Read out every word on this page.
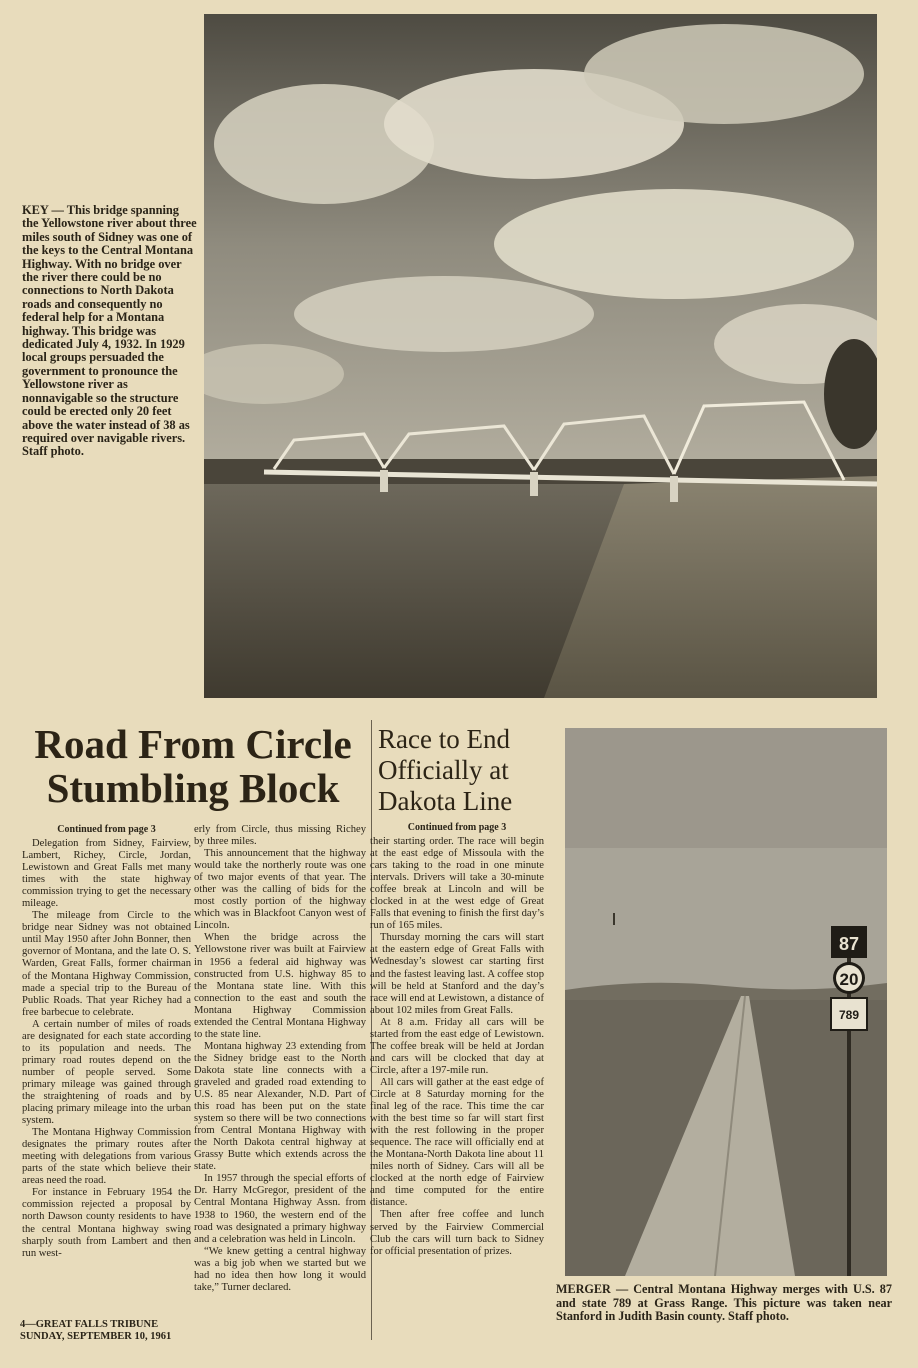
KEY — This bridge spanning the Yellowstone river about three miles south of Sidney was one of the keys to the Central Montana Highway. With no bridge over the river there could be no connections to North Dakota roads and consequently no federal help for a Montana highway. This bridge was dedicated July 4, 1932. In 1929 local groups persuaded the government to pronounce the Yellowstone river as nonnavigable so the structure could be erected only 20 feet above the water instead of 38 as required over navigable rivers. Staff photo.
Road From Circle Stumbling Block
Race to End Officially at Dakota Line
Continued from page 3

Delegation from Sidney, Fairview, Lambert, Richey, Circle, Jordan, Lewistown and Great Falls met many times with the state highway commission trying to get the necessary mileage.

The mileage from Circle to the bridge near Sidney was not obtained until May 1950 after John Bonner, then governor of Montana, and the late O. S. Warden, Great Falls, former chairman of the Montana Highway Commission, made a special trip to the Bureau of Public Roads. That year Richey had a free barbecue to celebrate.

A certain number of miles of roads are designated for each state according to its population and needs. The primary road routes depend on the number of people served. Some primary mileage was gained through the straightening of roads and by placing primary mileage into the urban system.

The Montana Highway Commission designates the primary routes after meeting with delegations from various parts of the state which believe their areas need the road.

For instance in February 1954 the commission rejected a proposal by north Dawson county residents to have the central Montana highway swing sharply south from Lambert and then run west-

erly from Circle, thus missing Richey by three miles.

This announcement that the highway would take the northerly route was one of two major events of that year. The other was the calling of bids for the most costly portion of the highway which was in Blackfoot Canyon west of Lincoln.

When the bridge across the Yellowstone river was built at Fairview in 1956 a federal aid highway was constructed from U.S. highway 85 to the Montana state line. With this connection to the east and south the Montana Highway Commission extended the Central Montana Highway to the state line.

Montana highway 23 extending from the Sidney bridge east to the North Dakota state line connects with a graveled and graded road extending to U.S. 85 near Alexander, N.D. Part of this road has been put on the state system so there will be two connections from Central Montana Highway with the North Dakota central highway at Grassy Butte which extends across the state.

In 1957 through the special efforts of Dr. Harry McGregor, president of the Central Montana Highway Assn. from 1938 to 1960, the western end of the road was designated a primary highway and a celebration was held in Lincoln.

“We knew getting a central highway was a big job when we started but we had no idea then how long it would take,” Turner declared.

Continued from page 3

their starting order. The race will begin at the east edge of Missoula with the cars taking to the road in one minute intervals. Drivers will take a 30-minute coffee break at Lincoln and will be clocked in at the west edge of Great Falls that evening to finish the first day’s run of 165 miles.

Thursday morning the cars will start at the eastern edge of Great Falls with Wednesday’s slowest car starting first and the fastest leaving last. A coffee stop will be held at Stanford and the day’s race will end at Lewistown, a distance of about 102 miles from Great Falls.

At 8 a.m. Friday all cars will be started from the east edge of Lewistown. The coffee break will be held at Jordan and cars will be clocked that day at Circle, after a 197-mile run.

All cars will gather at the east edge of Circle at 8 Saturday morning for the final leg of the race. This time the car with the best time so far will start first with the rest following in the proper sequence. The race will officially end at the Montana-North Dakota line about 11 miles north of Sidney. Cars will all be clocked at the north edge of Fairview and time computed for the entire distance.

Then after free coffee and lunch served by the Fairview Commercial Club the cars will turn back to Sidney for official presentation of prizes.

4—GREAT FALLS TRIBUNE
SUNDAY, SEPTEMBER 10, 1961
87
20
789
MERGER — Central Montana Highway merges with U.S. 87 and state 789 at Grass Range. This picture was taken near Stanford in Judith Basin county. Staff photo.
